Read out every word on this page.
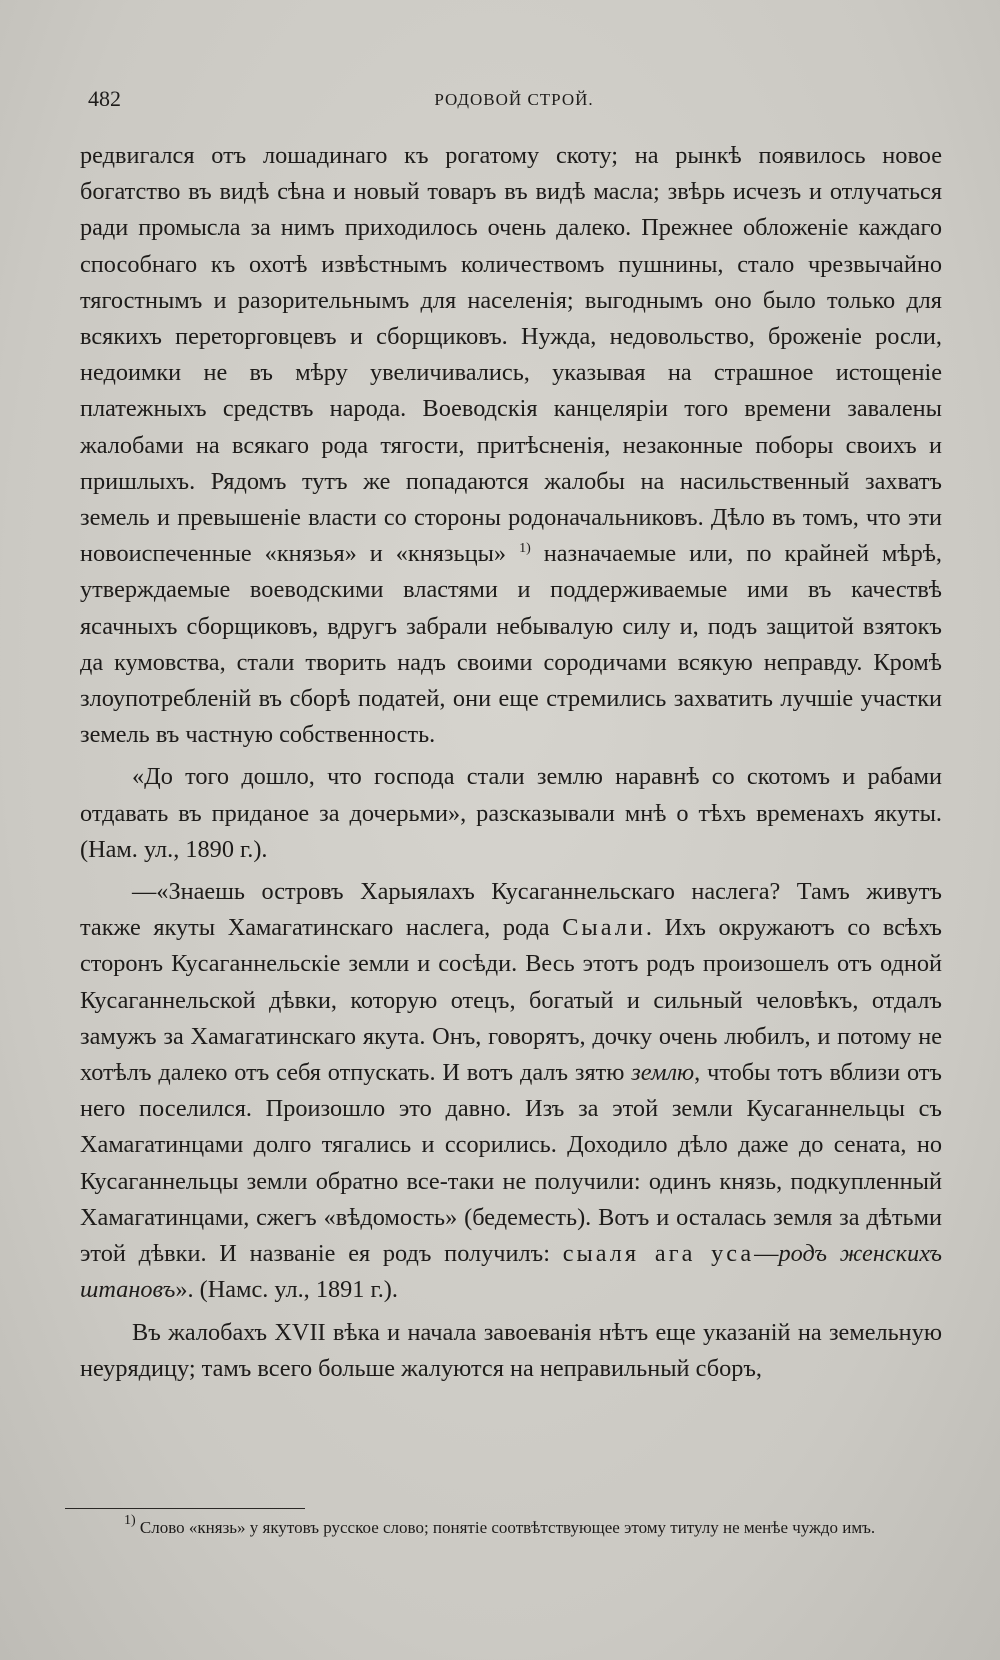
482	РОДОВОЙ СТРОЙ.

редвигался отъ лошадинаго къ рогатому скоту; на рынкѣ появилось новое богатство въ видѣ сѣна и новый товаръ въ видѣ масла; звѣрь исчезъ и отлучаться ради промысла за нимъ приходилось очень далеко. Прежнее обложеніе каждаго способнаго къ охотѣ извѣстнымъ количествомъ пушнины, стало чрезвычайно тягостнымъ и разорительнымъ для населенія; выгоднымъ оно было только для всякихъ переторговцевъ и сборщиковъ. Нужда, недовольство, броженіе росли, недоимки не въ мѣру увеличивались, указывая на страшное истощеніе платежныхъ средствъ народа. Воеводскія канцеляріи того времени завалены жалобами на всякаго рода тягости, притѣсненія, незаконные поборы своихъ и пришлыхъ. Рядомъ тутъ же попадаются жалобы на насильственный захватъ земель и превышеніе власти со стороны родоначальниковъ. Дѣло въ томъ, что эти новоиспеченные «князья» и «князьцы» $^{1)}$ назначаемые или, по крайней мѣрѣ, утверждаемые воеводскими властями и поддерживаемые ими въ качествѣ ясачныхъ сборщиковъ, вдругъ забрали небывалую силу и, подъ защитой взятокъ да кумовства, стали творить надъ своими сородичами всякую неправду. Кромѣ злоупотребленій въ сборѣ податей, они еще стремились захватить лучшіе участки земель въ частную собственность.

«До того дошло, что господа стали землю наравнѣ со скотомъ и рабами отдавать въ приданое за дочерьми», разсказывали мнѣ о тѣхъ временахъ якуты. (Нам. ул., 1890 г.).

—«Знаешь островъ Харыялахъ Кусаганнельскаго наслега? Тамъ живутъ также якуты Хамагатинскаго наслега, рода Сыали. Ихъ окружаютъ со всѣхъ сторонъ Кусаганнельскіе земли и сосѣди. Весь этотъ родъ произошелъ отъ одной Кусаганнельской дѣвки, которую отецъ, богатый и сильный человѣкъ, отдалъ замужъ за Хамагатинскаго якута. Онъ, говорятъ, дочку очень любилъ, и потому не хотѣлъ далеко отъ себя отпускать. И вотъ далъ зятю землю, чтобы тотъ вблизи отъ него поселился. Произошло это давно. Изъ за этой земли Кусаганнельцы съ Хамагатинцами долго тягались и ссорились. Доходило дѣло даже до сената, но Кусаганнельцы земли обратно все-таки не получили: одинъ князь, подкупленный Хамагатинцами, сжегъ «вѣдомость» (бедеместь). Вотъ и осталась земля за дѣтьми этой дѣвки. И названіе ея родъ получилъ: сыаля ага уса—родъ женскихъ штановъ». (Намс. ул., 1891 г.).

Въ жалобахъ XVII вѣка и начала завоеванія нѣтъ еще указаній на земельную неурядицу; тамъ всего больше жалуются на неправильный сборъ,

$^{1)}$ Слово «князь» у якутовъ русское слово; понятіе соотвѣтствующее этому титулу не менѣе чуждо имъ.
